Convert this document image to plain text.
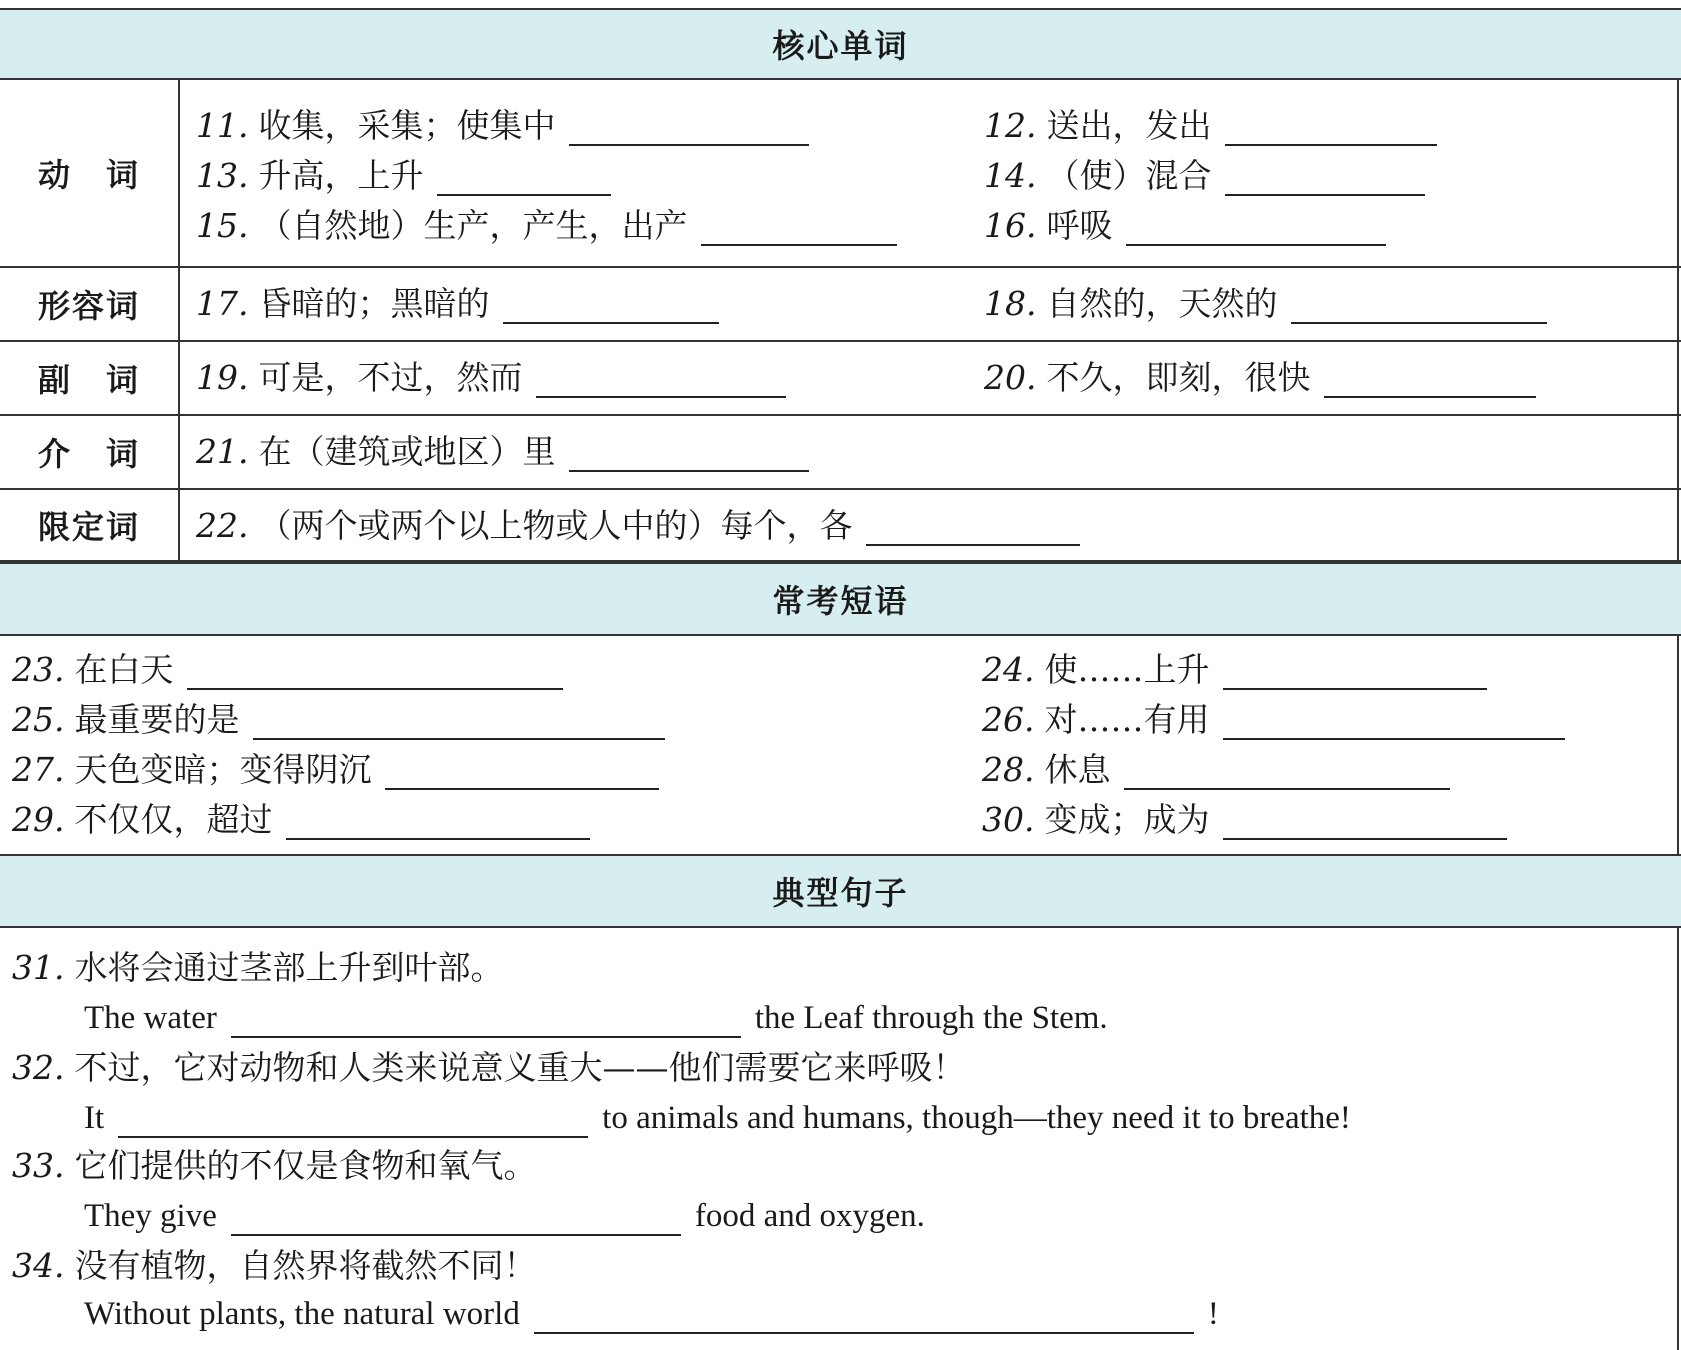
核心单词
动　词
11. 收集，采集；使集中	12. 送出，发出
13. 升高，上升	14. （使）混合
15. （自然地）生产，产生，出产	16. 呼吸
形容词	17. 昏暗的；黑暗的	18. 自然的，天然的
副　词	19. 可是，不过，然而	20. 不久，即刻，很快
介　词	21. 在（建筑或地区）里
限定词	22. （两个或两个以上物或人中的）每个，各
常考短语
23. 在白天	24. 使……上升
25. 最重要的是	26. 对……有用
27. 天色变暗；变得阴沉	28. 休息
29. 不仅仅，超过	30. 变成；成为
典型句子
31. 水将会通过茎部上升到叶部。
The water	the Leaf through the Stem.
32. 不过，它对动物和人类来说意义重大——他们需要它来呼吸！
It	to animals and humans, though—they need it to breathe!
33. 它们提供的不仅是食物和氧气。
They give	food and oxygen.
34. 没有植物，自然界将截然不同！
Without plants, the natural world	!
